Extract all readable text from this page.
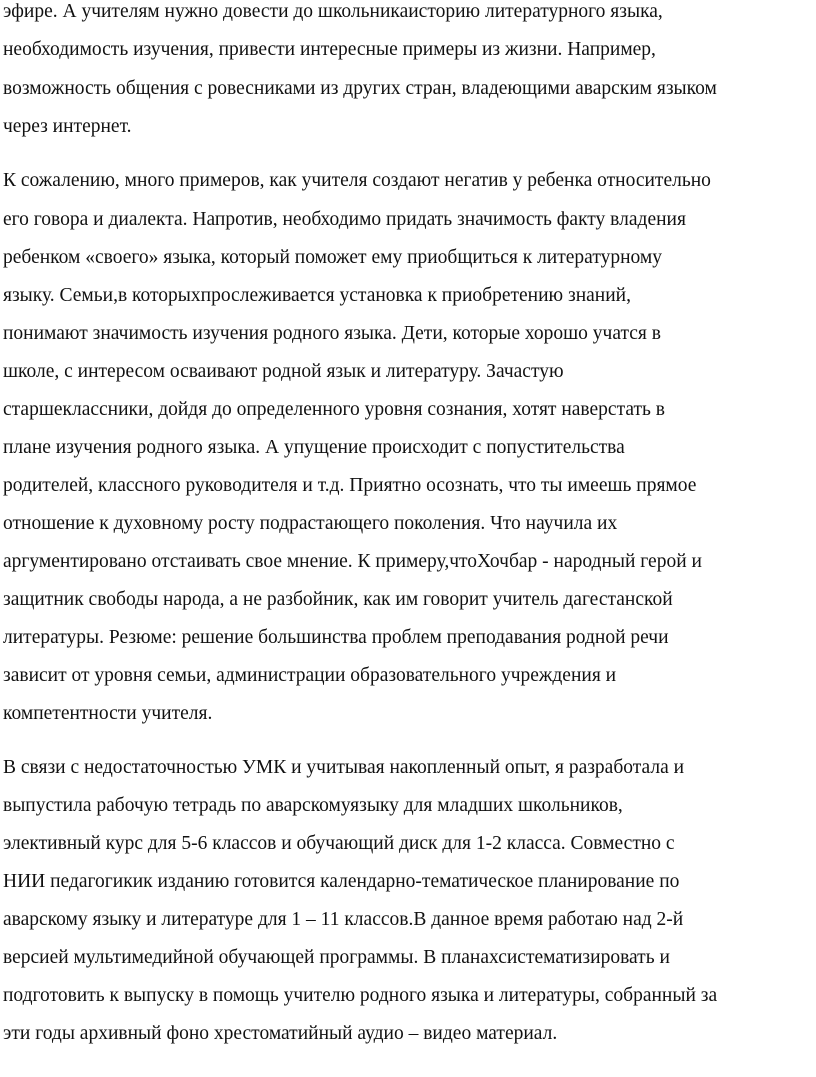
эфире. А учителям нужно довести до школьникаисторию литературного языка,
необходимость изучения, привести интересные примеры из жизни. Например,
возможность общения с ровесниками из других стран, владеющими аварским языком
через интернет.
К сожалению, много примеров, как учителя создают негатив у ребенка относительно
его говора и диалекта. Напротив, необходимо придать значимость факту владения
ребенком «своего» языка, который поможет ему приобщиться к литературному
языку. Семьи,в которыхпрослеживается установка к приобретению знаний,
понимают значимость изучения родного языка. Дети, которые хорошо учатся в
школе, с интересом осваивают родной язык и литературу. Зачастую
старшеклассники, дойдя до определенного уровня сознания, хотят наверстать в
плане изучения родного языка. А упущение происходит с попустительства
родителей, классного руководителя и т.д. Приятно осознать, что ты имеешь прямое
отношение к духовному росту подрастающего поколения. Что научила их
аргументировано отстаивать свое мнение. К примеру,чтоХочбар - народный герой и
защитник свободы народа, а не разбойник, как им говорит учитель дагестанской
литературы. Резюме: решение большинства проблем преподавания родной речи
зависит от уровня семьи, администрации образовательного учреждения и
компетентности учителя.
В связи с недостаточностью УМК и учитывая накопленный опыт, я разработала и
выпустила рабочую тетрадь по аварскомуязыку для младших школьников,
элективный курс для 5-6 классов и обучающий диск для 1-2 класса. Совместно с
НИИ педагогикик изданию готовится календарно-тематическое планирование по
аварскому языку и литературе для 1 – 11 классов.В данное время работаю над 2-й
версией мультимедийной обучающей программы. В планахсистематизировать и
подготовить к выпуску в помощь учителю родного языка и литературы, собранный за
эти годы архивный фоно хрестоматийный аудио – видео материал.
